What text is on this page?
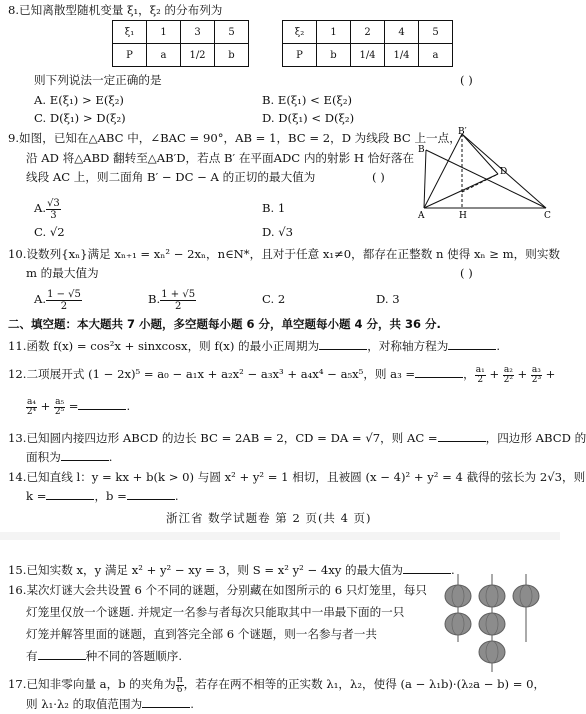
8.已知离散型随机变量 ξ₁，ξ₂ 的分布列为
ξ₁	1	3	5
P	a	1/2	b
ξ₂	1	2	4	5
P	b	1/4	1/4	a
则下列说法一定正确的是	( )
A. E(ξ₁) > E(ξ₂)	B. E(ξ₁) < E(ξ₂)
C. D(ξ₁) > D(ξ₂)	D. D(ξ₁) < D(ξ₂)
9.如图，已知在△ABC 中，∠BAC = 90°，AB = 1，BC = 2，D 为线段 BC 上一点，
沿 AD 将△ABD 翻转至△AB′D，若点 B′ 在平面ADC 内的射影 H 恰好落在
线段 AC 上，则二面角 B′ − DC − A 的正切的最大值为	( )
A. $\frac{√3}{3}$	B. 1
C. √2	D. √3
A
B
C
D
H
B′
10.设数列{xₙ}满足 xₙ₊₁ = xₙ² − 2xₙ，n∈N*，且对于任意 x₁≠0，都存在正整数 n 使得 xₙ ≥ m，则实数
m 的最大值为	( )
A. $\frac{1 - √5}{2}$	B. $\frac{1 + √5}{2}$	C. 2	D. 3
二、填空题：本大题共 7 小题，多空题每小题 6 分，单空题每小题 4 分，共 36 分.
11.函数 f(x) = cos²x + sinxcosx，则 f(x) 的最小正周期为	，对称轴方程为	.
12.二项展开式 (1 − 2x)⁵ = a₀ − a₁x + a₂x² − a₃x³ + a₄x⁴ − a₅x⁵，则 a₃ =	， $\frac{\text{a₁}}{2} + \frac{\text{a₂}}{\text{2²}} + \frac{\text{a₃}}{\text{2³}}$ +
$\frac{\text{a₄}}{\text{2⁴}} + \frac{\text{a₅}}{\text{2⁵}}$ =	.
13.已知圆内接四边形 ABCD 的边长 BC = 2AB = 2，CD = DA = √7，则 AC =	，四边形 ABCD 的
面积为	.
14.已知直线 l：y = kx + b(k > 0) 与圆 x² + y² = 1 相切，且被圆 (x − 4)² + y² = 4 截得的弦长为 2√3，则
k =	，b =	.
浙江省 数学试题卷 第 2 页(共 4 页)
15.已知实数 x，y 满足 x² + y² − xy = 3，则 S = x² y² − 4xy 的最大值为	.
16.某次灯谜大会共设置 6 个不同的谜题，分别藏在如图所示的 6 只灯笼里，每只
灯笼里仅放一个谜题. 并规定一名参与者每次只能取其中一串最下面的一只
灯笼并解答里面的谜题，直到答完全部 6 个谜题，则一名参与者一共
有	种不同的答题顺序.
17.已知非零向量 a，b 的夹角为 $\frac{\pi}{6}$ ，若存在两不相等的正实数 λ₁，λ₂，使得 (a − λ₁b)·(λ₂a − b) = 0，
则 λ₁·λ₂ 的取值范围为	.
